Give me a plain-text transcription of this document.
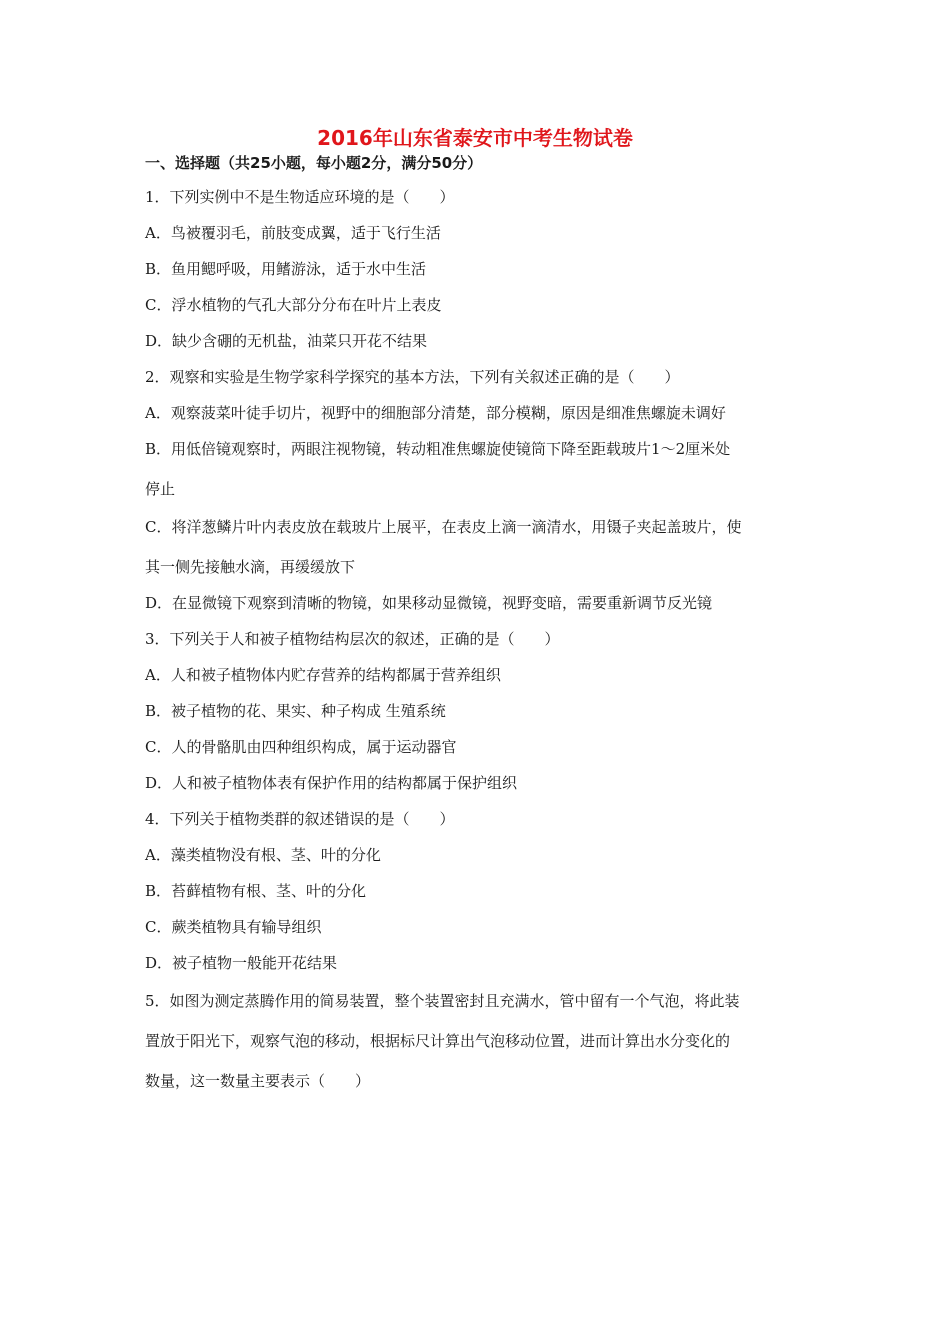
2016年山东省泰安市中考生物试卷

一、选择题（共25小题，每小题2分，满分50分）

1．下列实例中不是生物适应环境的是（　　）

A．鸟被覆羽毛，前肢变成翼，适于飞行生活

B．鱼用鳃呼吸，用鳍游泳，适于水中生活

C．浮水植物的气孔大部分分布在叶片上表皮

D．缺少含硼的无机盐，油菜只开花不结果

2．观察和实验是生物学家科学探究的基本方法，下列有关叙述正确的是（　　）

A．观察菠菜叶徒手切片，视野中的细胞部分清楚，部分模糊，原因是细准焦螺旋未调好

B．用低倍镜观察时，两眼注视物镜，转动粗准焦螺旋使镜筒下降至距载玻片1～2厘米处

停止

C．将洋葱鳞片叶内表皮放在载玻片上展平，在表皮上滴一滴清水，用镊子夹起盖玻片，使

其一侧先接触水滴，再缓缓放下

D．在显微镜下观察到清晰的物镜，如果移动显微镜，视野变暗，需要重新调节反光镜

3．下列关于人和被子植物结构层次的叙述，正确的是（　　）

A．人和被子植物体内贮存营养的结构都属于营养组织

B．被子植物的花、果实、种子构成 生殖系统

C．人的骨骼肌由四种组织构成，属于运动器官

D．人和被子植物体表有保护作用的结构都属于保护组织

4．下列关于植物类群的叙述错误的是（　　）

A．藻类植物没有根、茎、叶的分化

B．苔藓植物有根、茎、叶的分化

C．蕨类植物具有输导组织

D．被子植物一般能开花结果

5．如图为测定蒸腾作用的简易装置，整个装置密封且充满水，管中留有一个气泡，将此装

置放于阳光下，观察气泡的移动，根据标尺计算出气泡移动位置，进而计算出水分变化的

数量，这一数量主要表示（　　）
